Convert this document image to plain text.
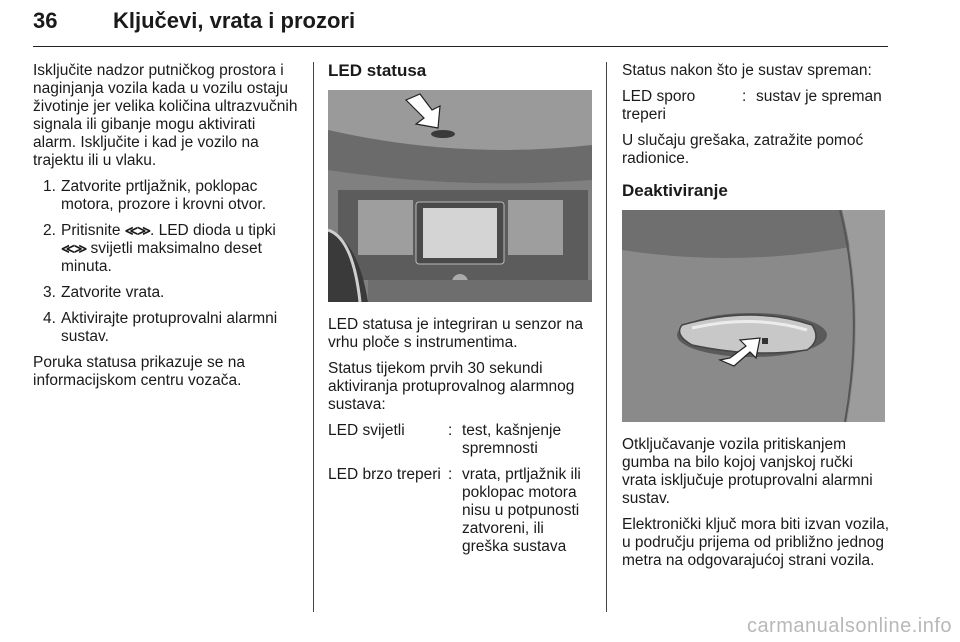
36	Ključevi, vrata i prozori

Isključite nadzor putničkog prostora i naginjanja vozila kada u vozilu ostaju životinje jer velika količina ultrazvučnih signala ili gibanje mogu aktivirati alarm. Isključite i kad je vozilo na trajektu ili u vlaku.

1. Zatvorite prtljažnik, poklopac motora, prozore i krovni otvor.
2. Pritisnite ≪≫. LED dioda u tipki ≪≫ svijetli maksimalno deset minuta.
3. Zatvorite vrata.
4. Aktivirajte protuprovalni alarmni sustav.

Poruka statusa prikazuje se na informacijskom centru vozača.

LED statusa

LED statusa je integriran u senzor na vrhu ploče s instrumentima.

Status tijekom prvih 30 sekundi aktiviranja protuprovalnog alarmnog sustava:

LED svijetli	: test, kašnjenje spremnosti
LED brzo treperi : vrata, prtljažnik ili poklopac motora nisu u potpunosti zatvoreni, ili greška sustava

Status nakon što je sustav spreman:

LED sporo treperi
: sustav je spreman

U slučaju grešaka, zatražite pomoć radionice.

Deaktiviranje

Otključavanje vozila pritiskanjem gumba na bilo kojoj vanjskoj ručki vrata isključuje protuprovalni alarmni sustav.

Elektronički ključ mora biti izvan vozila, u području prijema od približno jednog metra na odgovarajućoj strani vozila.

carmanualsonline.info
